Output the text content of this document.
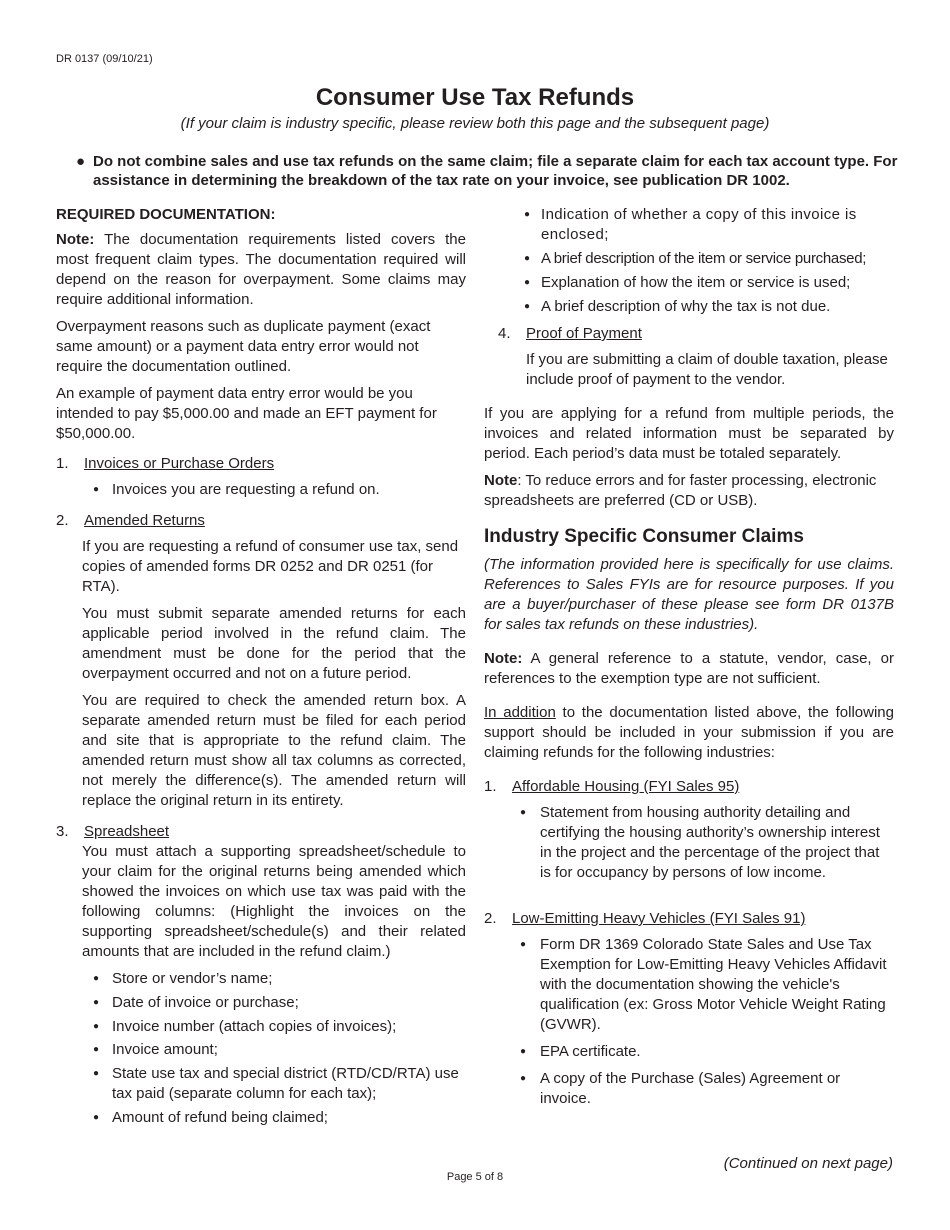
DR 0137 (09/10/21)
Consumer Use Tax Refunds
(If your claim is industry specific, please review both this page and the subsequent page)
● Do not combine sales and use tax refunds on the same claim; file a separate claim for each tax account type. For assistance in determining the breakdown of the tax rate on your invoice, see publication DR 1002.

REQUIRED DOCUMENTATION:

Note: The documentation requirements listed covers the most frequent claim types. The documentation required will depend on the reason for overpayment. Some claims may require additional information.

Overpayment reasons such as duplicate payment (exact same amount) or a payment data entry error would not require the documentation outlined.

An example of payment data entry error would be you intended to pay $5,000.00 and made an EFT payment for $50,000.00.

1. Invoices or Purchase Orders

● Invoices you are requesting a refund on.

2. Amended Returns

If you are requesting a refund of consumer use tax, send copies of amended forms DR 0252 and DR 0251 (for RTA).

You must submit separate amended returns for each applicable period involved in the refund claim. The amendment must be done for the period that the overpayment occurred and not on a future period.

You are required to check the amended return box. A separate amended return must be filed for each period and site that is appropriate to the refund claim. The amended return must show all tax columns as corrected, not merely the difference(s). The amended return will replace the original return in its entirety.

3. Spreadsheet

You must attach a supporting spreadsheet/schedule to your claim for the original returns being amended which showed the invoices on which use tax was paid with the following columns: (Highlight the invoices on the supporting spreadsheet/schedule(s) and their related amounts that are included in the refund claim.)

● Store or vendor’s name;

● Date of invoice or purchase;

● Invoice number (attach copies of invoices);

● Invoice amount;

● State use tax and special district (RTD/CD/RTA) use tax paid (separate column for each tax);

● Amount of refund being claimed;

● Indication of whether a copy of this invoice is enclosed;

● A brief description of the item or service purchased;

● Explanation of how the item or service is used;

● A brief description of why the tax is not due.

4. Proof of Payment

If you are submitting a claim of double taxation, please include proof of payment to the vendor.

If you are applying for a refund from multiple periods, the invoices and related information must be separated by period. Each period’s data must be totaled separately.

Note: To reduce errors and for faster processing, electronic spreadsheets are preferred (CD or USB).

Industry Specific Consumer Claims

(The information provided here is specifically for use claims. References to Sales FYIs are for resource purposes. If you are a buyer/purchaser of these please see form DR 0137B for sales tax refunds on these industries).

Note: A general reference to a statute, vendor, case, or references to the exemption type are not sufficient.

In addition to the documentation listed above, the following support should be included in your submission if you are claiming refunds for the following industries:

1. Affordable Housing (FYI Sales 95)

● Statement from housing authority detailing and certifying the housing authority’s ownership interest in the project and the percentage of the project that is for occupancy by persons of low income.

2. Low-Emitting Heavy Vehicles (FYI Sales 91)

● Form DR 1369 Colorado State Sales and Use Tax Exemption for Low-Emitting Heavy Vehicles Affidavit with the documentation showing the vehicle's qualification (ex: Gross Motor Vehicle Weight Rating (GVWR).

● EPA certificate.

● A copy of the Purchase (Sales) Agreement or invoice.

(Continued on next page)
Page 5 of 8
